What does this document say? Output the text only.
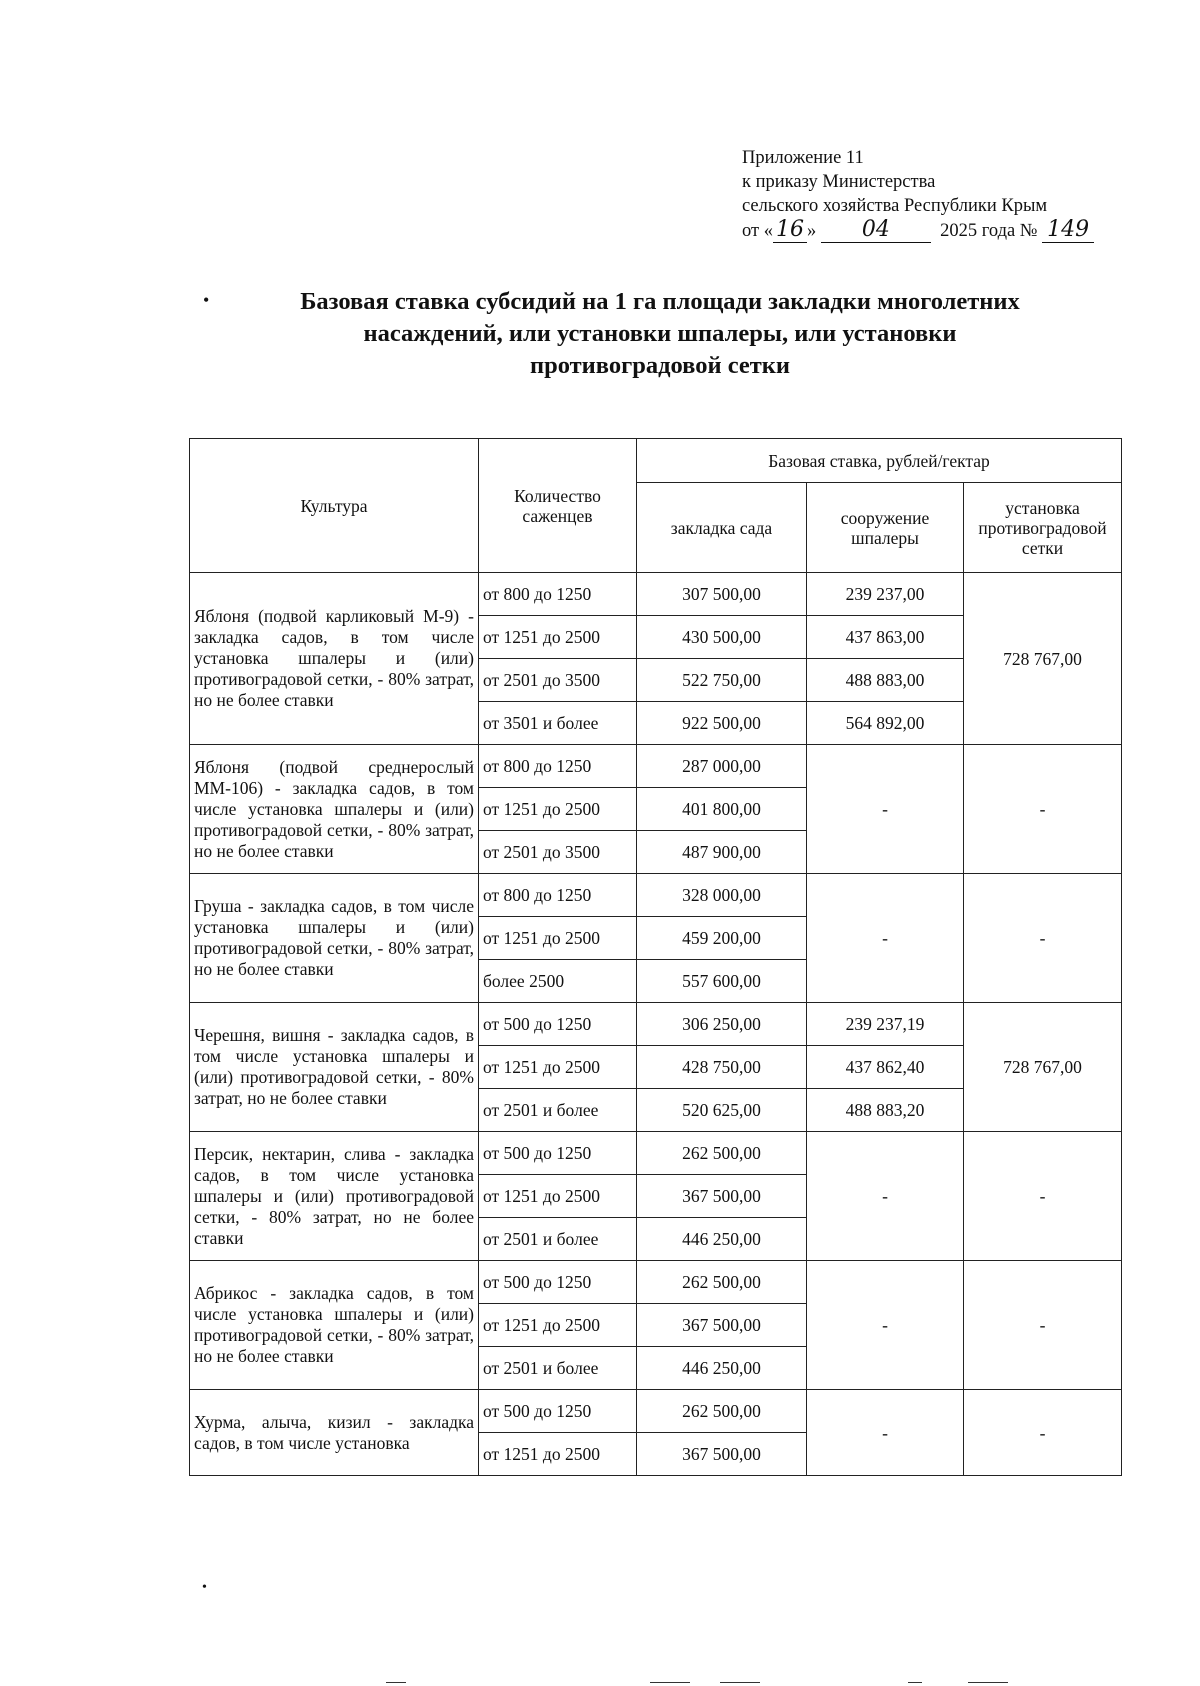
Приложение 11
к приказу Министерства
сельского хозяйства Республики Крым
от « 16 » 04	2025 года № 149
•	Базовая ставка субсидий на 1 га площади закладки многолетних
насаждений, или установки шпалеры, или установки
противоградовой сетки
Культура	Количество саженцев	Базовая ставка, рублей/гектар		
		закладка сада	сооружение шпалеры	установка противоградовой сетки
Яблоня (подвой карликовый М-9) - закладка садов, в том числе установка шпалеры и (или) противоградовой сетки, - 80% затрат, но не более ставки	от 800 до 1250	307 500,00	239 237,00	728 767,00
	от 1251 до 2500	430 500,00	437 863,00	
	от 2501 до 3500	522 750,00	488 883,00	
	от 3501 и более	922 500,00	564 892,00	
Яблоня (подвой среднерослый ММ-106) - закладка садов, в том числе установка шпалеры и (или) противоградовой сетки, - 80% затрат, но не более ставки	от 800 до 1250	287 000,00	-	-
	от 1251 до 2500	401 800,00		
	от 2501 до 3500	487 900,00		
Груша - закладка садов, в том числе установка шпалеры и (или) противоградовой сетки, - 80% затрат, но не более ставки	от 800 до 1250	328 000,00	-	-
	от 1251 до 2500	459 200,00		
	более 2500	557 600,00		
Черешня, вишня - закладка садов, в том числе установка шпалеры и (или) противоградовой сетки, - 80% затрат, но не более ставки	от 500 до 1250	306 250,00	239 237,19	728 767,00
	от 1251 до 2500	428 750,00	437 862,40	
	от 2501 и более	520 625,00	488 883,20	
Персик, нектарин, слива - закладка садов, в том числе установка шпалеры и (или) противоградовой сетки, - 80% затрат, но не более ставки	от 500 до 1250	262 500,00	-	-
	от 1251 до 2500	367 500,00		
	от 2501 и более	446 250,00		
Абрикос - закладка садов, в том числе установка шпалеры и (или) противоградовой сетки, - 80% затрат, но не более ставки	от 500 до 1250	262 500,00	-	-
	от 1251 до 2500	367 500,00		
	от 2501 и более	446 250,00		
Хурма, алыча, кизил - закладка садов, в том числе установка	от 500 до 1250	262 500,00	-	-
	от 1251 до 2500	367 500,00		
•
